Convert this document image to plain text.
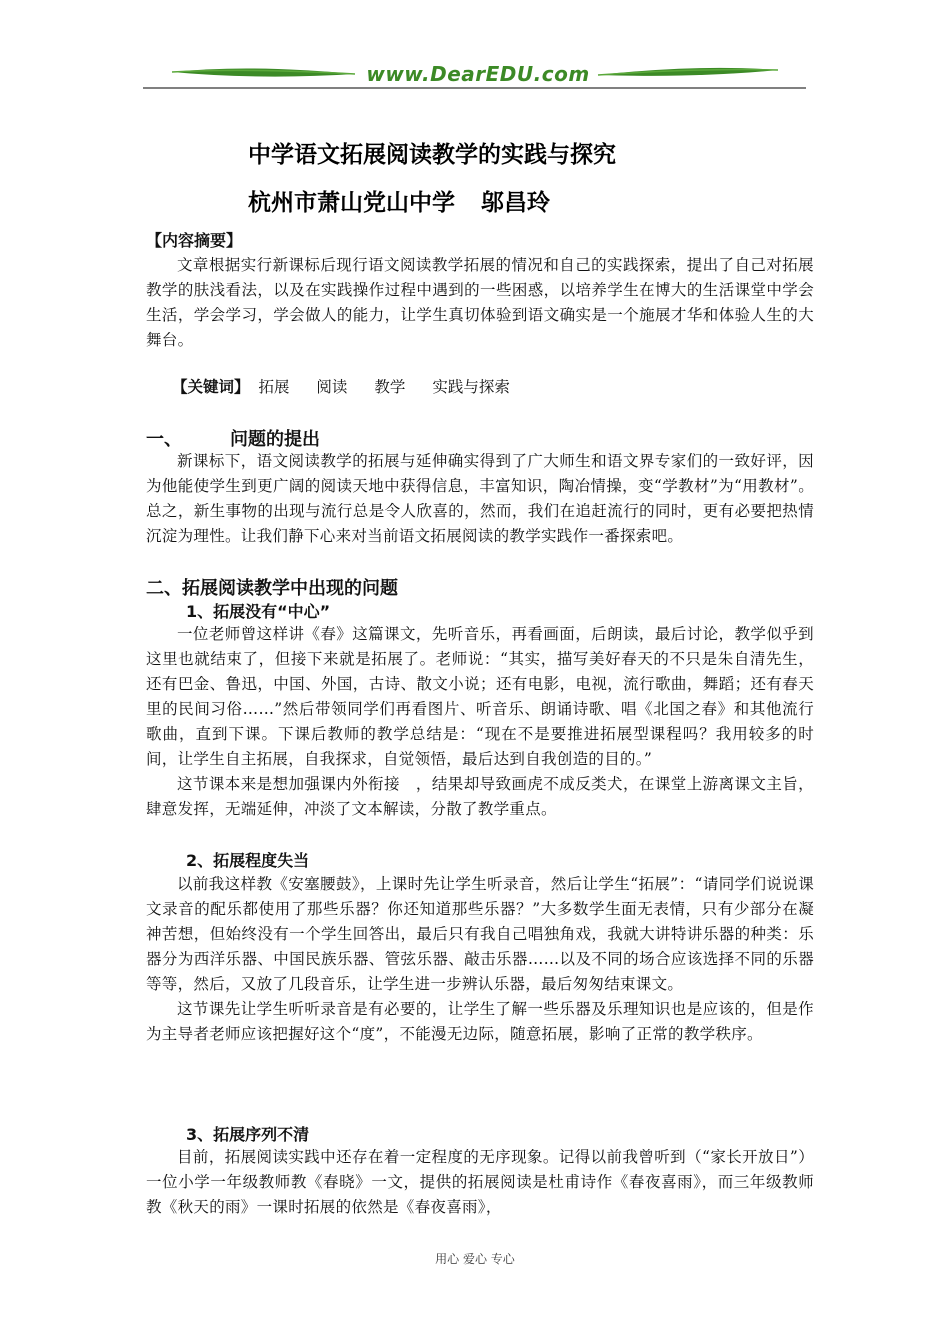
www.DearEDU.com
中学语文拓展阅读教学的实践与探究
杭州市萧山党山中学 邬昌玲
【内容摘要】

文章根据实行新课标后现行语文阅读教学拓展的情况和自己的实践探索，提出了自己对拓展教学的肤浅看法，以及在实践操作过程中遇到的一些困惑，以培养学生在博大的生活课堂中学会生活，学会学习，学会做人的能力，让学生真切体验到语文确实是一个施展才华和体验人生的大舞台。

【关键词】 拓展 阅读 教学 实践与探索
一、	问题的提出

新课标下，语文阅读教学的拓展与延伸确实得到了广大师生和语文界专家们的一致好评，因为他能使学生到更广阔的阅读天地中获得信息，丰富知识，陶冶情操，变“学教材”为“用教材”。总之，新生事物的出现与流行总是令人欣喜的，然而，我们在追赶流行的同时，更有必要把热情沉淀为理性。让我们静下心来对当前语文拓展阅读的教学实践作一番探索吧。

二、拓展阅读教学中出现的问题
1、拓展没有“中心”

一位老师曾这样讲《春》这篇课文，先听音乐，再看画面，后朗读，最后讨论，教学似乎到这里也就结束了，但接下来就是拓展了。老师说：“其实，描写美好春天的不只是朱自清先生，还有巴金、鲁迅，中国、外国，古诗、散文小说；还有电影，电视，流行歌曲，舞蹈；还有春天里的民间习俗……”然后带领同学们再看图片、听音乐、朗诵诗歌、唱《北国之春》和其他流行歌曲，直到下课。下课后教师的教学总结是：“现在不是要推进拓展型课程吗？我用较多的时间，让学生自主拓展，自我探求，自觉领悟，最后达到自我创造的目的。”

这节课本来是想加强课内外衔接　，结果却导致画虎不成反类犬，在课堂上游离课文主旨，肆意发挥，无端延伸，冲淡了文本解读，分散了教学重点。

2、拓展程度失当

以前我这样教《安塞腰鼓》，上课时先让学生听录音，然后让学生“拓展”：“请同学们说说课文录音的配乐都使用了那些乐器？你还知道那些乐器？”大多数学生面无表情，只有少部分在凝神苦想，但始终没有一个学生回答出，最后只有我自己唱独角戏，我就大讲特讲乐器的种类：乐器分为西洋乐器、中国民族乐器、管弦乐器、敲击乐器……以及不同的场合应该选择不同的乐器等等，然后，又放了几段音乐，让学生进一步辨认乐器，最后匆匆结束课文。

这节课先让学生听听录音是有必要的，让学生了解一些乐器及乐理知识也是应该的，但是作为主导者老师应该把握好这个“度”，不能漫无边际，随意拓展，影响了正常的教学秩序。

3、拓展序列不清

目前，拓展阅读实践中还存在着一定程度的无序现象。记得以前我曾听到（“家长开放日”）一位小学一年级教师教《春晓》一文，提供的拓展阅读是杜甫诗作《春夜喜雨》，而三年级教师教《秋天的雨》一课时拓展的依然是《春夜喜雨》，

用心 爱心 专心
